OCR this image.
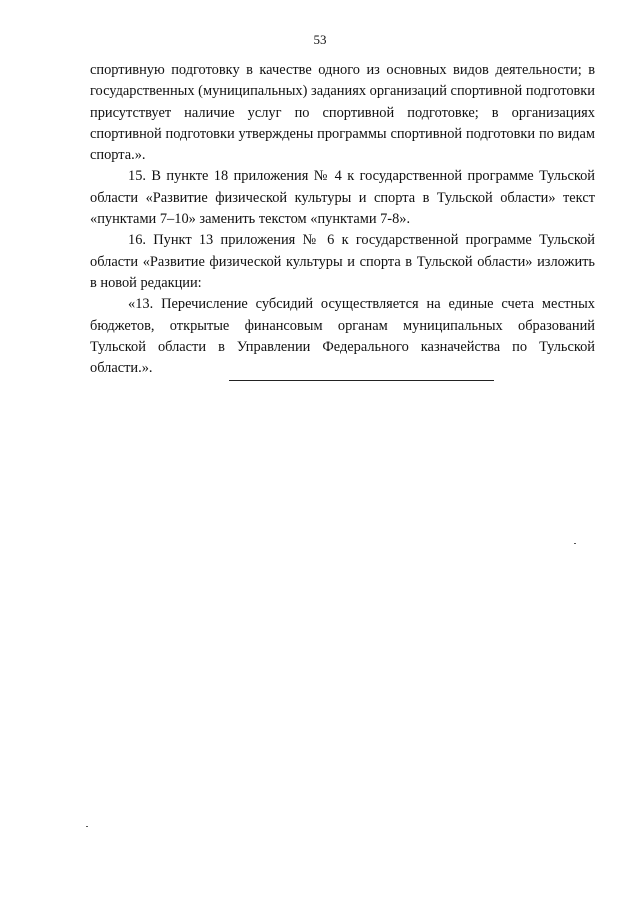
53

спортивную подготовку в качестве одного из основных видов деятельности; в государственных (муниципальных) заданиях организаций спортивной подготовки присутствует наличие услуг по спортивной подготовке; в организациях спортивной подготовки утверждены программы спортивной подготовки по видам спорта.».

15. В пункте 18 приложения № 4 к государственной программе Тульской области «Развитие физической культуры и спорта в Тульской области» текст «пунктами 7–10» заменить текстом «пунктами 7-8».

16. Пункт 13 приложения № 6 к государственной программе Тульской области «Развитие физической культуры и спорта в Тульской области» изложить в новой редакции:

«13. Перечисление субсидий осуществляется на единые счета местных бюджетов, открытые финансовым органам муниципальных образований Тульской области в Управлении Федерального казначейства по Тульской области.».
